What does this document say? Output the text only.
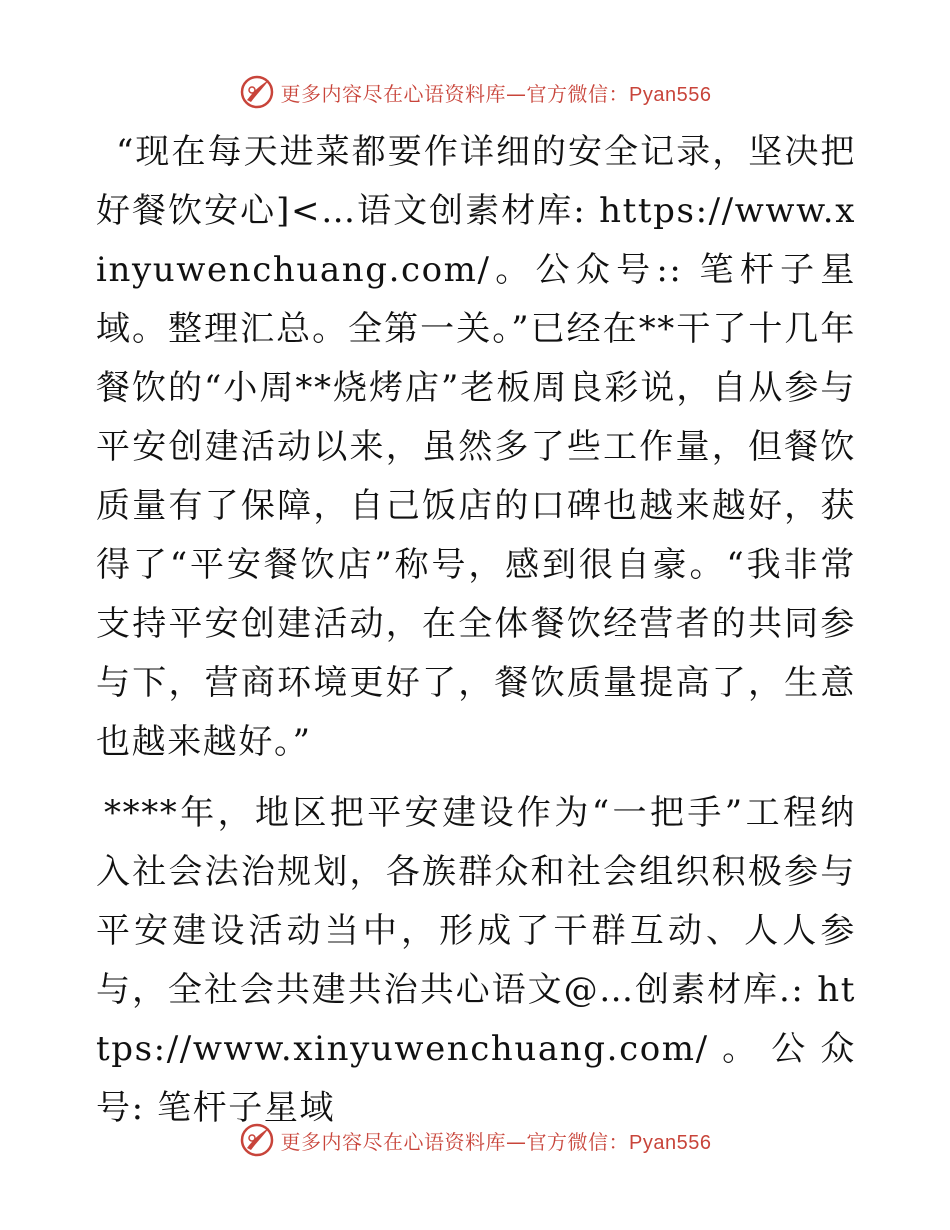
更多内容尽在心语资料库—官方微信：Pyan556

“现在每天进菜都要作详细的安全记录，坚决把好餐饮安心]<…语文创素材库: https://www.xinyuwenchuang.com/。公众号:: 笔杆子星域。整理汇总。全第一关。”已经在**干了十几年餐饮的“小周**烧烤店”老板周良彩说，自从参与平安创建活动以来，虽然多了些工作量，但餐饮质量有了保障，自己饭店的口碑也越来越好，获得了“平安餐饮店”称号，感到很自豪。“我非常支持平安创建活动，在全体餐饮经营者的共同参与下，营商环境更好了，餐饮质量提高了，生意也越来越好。”

****年，地区把平安建设作为“一把手”工程纳入社会法治规划，各族群众和社会组织积极参与平安建设活动当中，形成了干群互动、人人参与，全社会共建共治共心语文@…创素材库.: https://www.xinyuwenchuang.com/。公众号: 笔杆子星域

更多内容尽在心语资料库—官方微信：Pyan556
